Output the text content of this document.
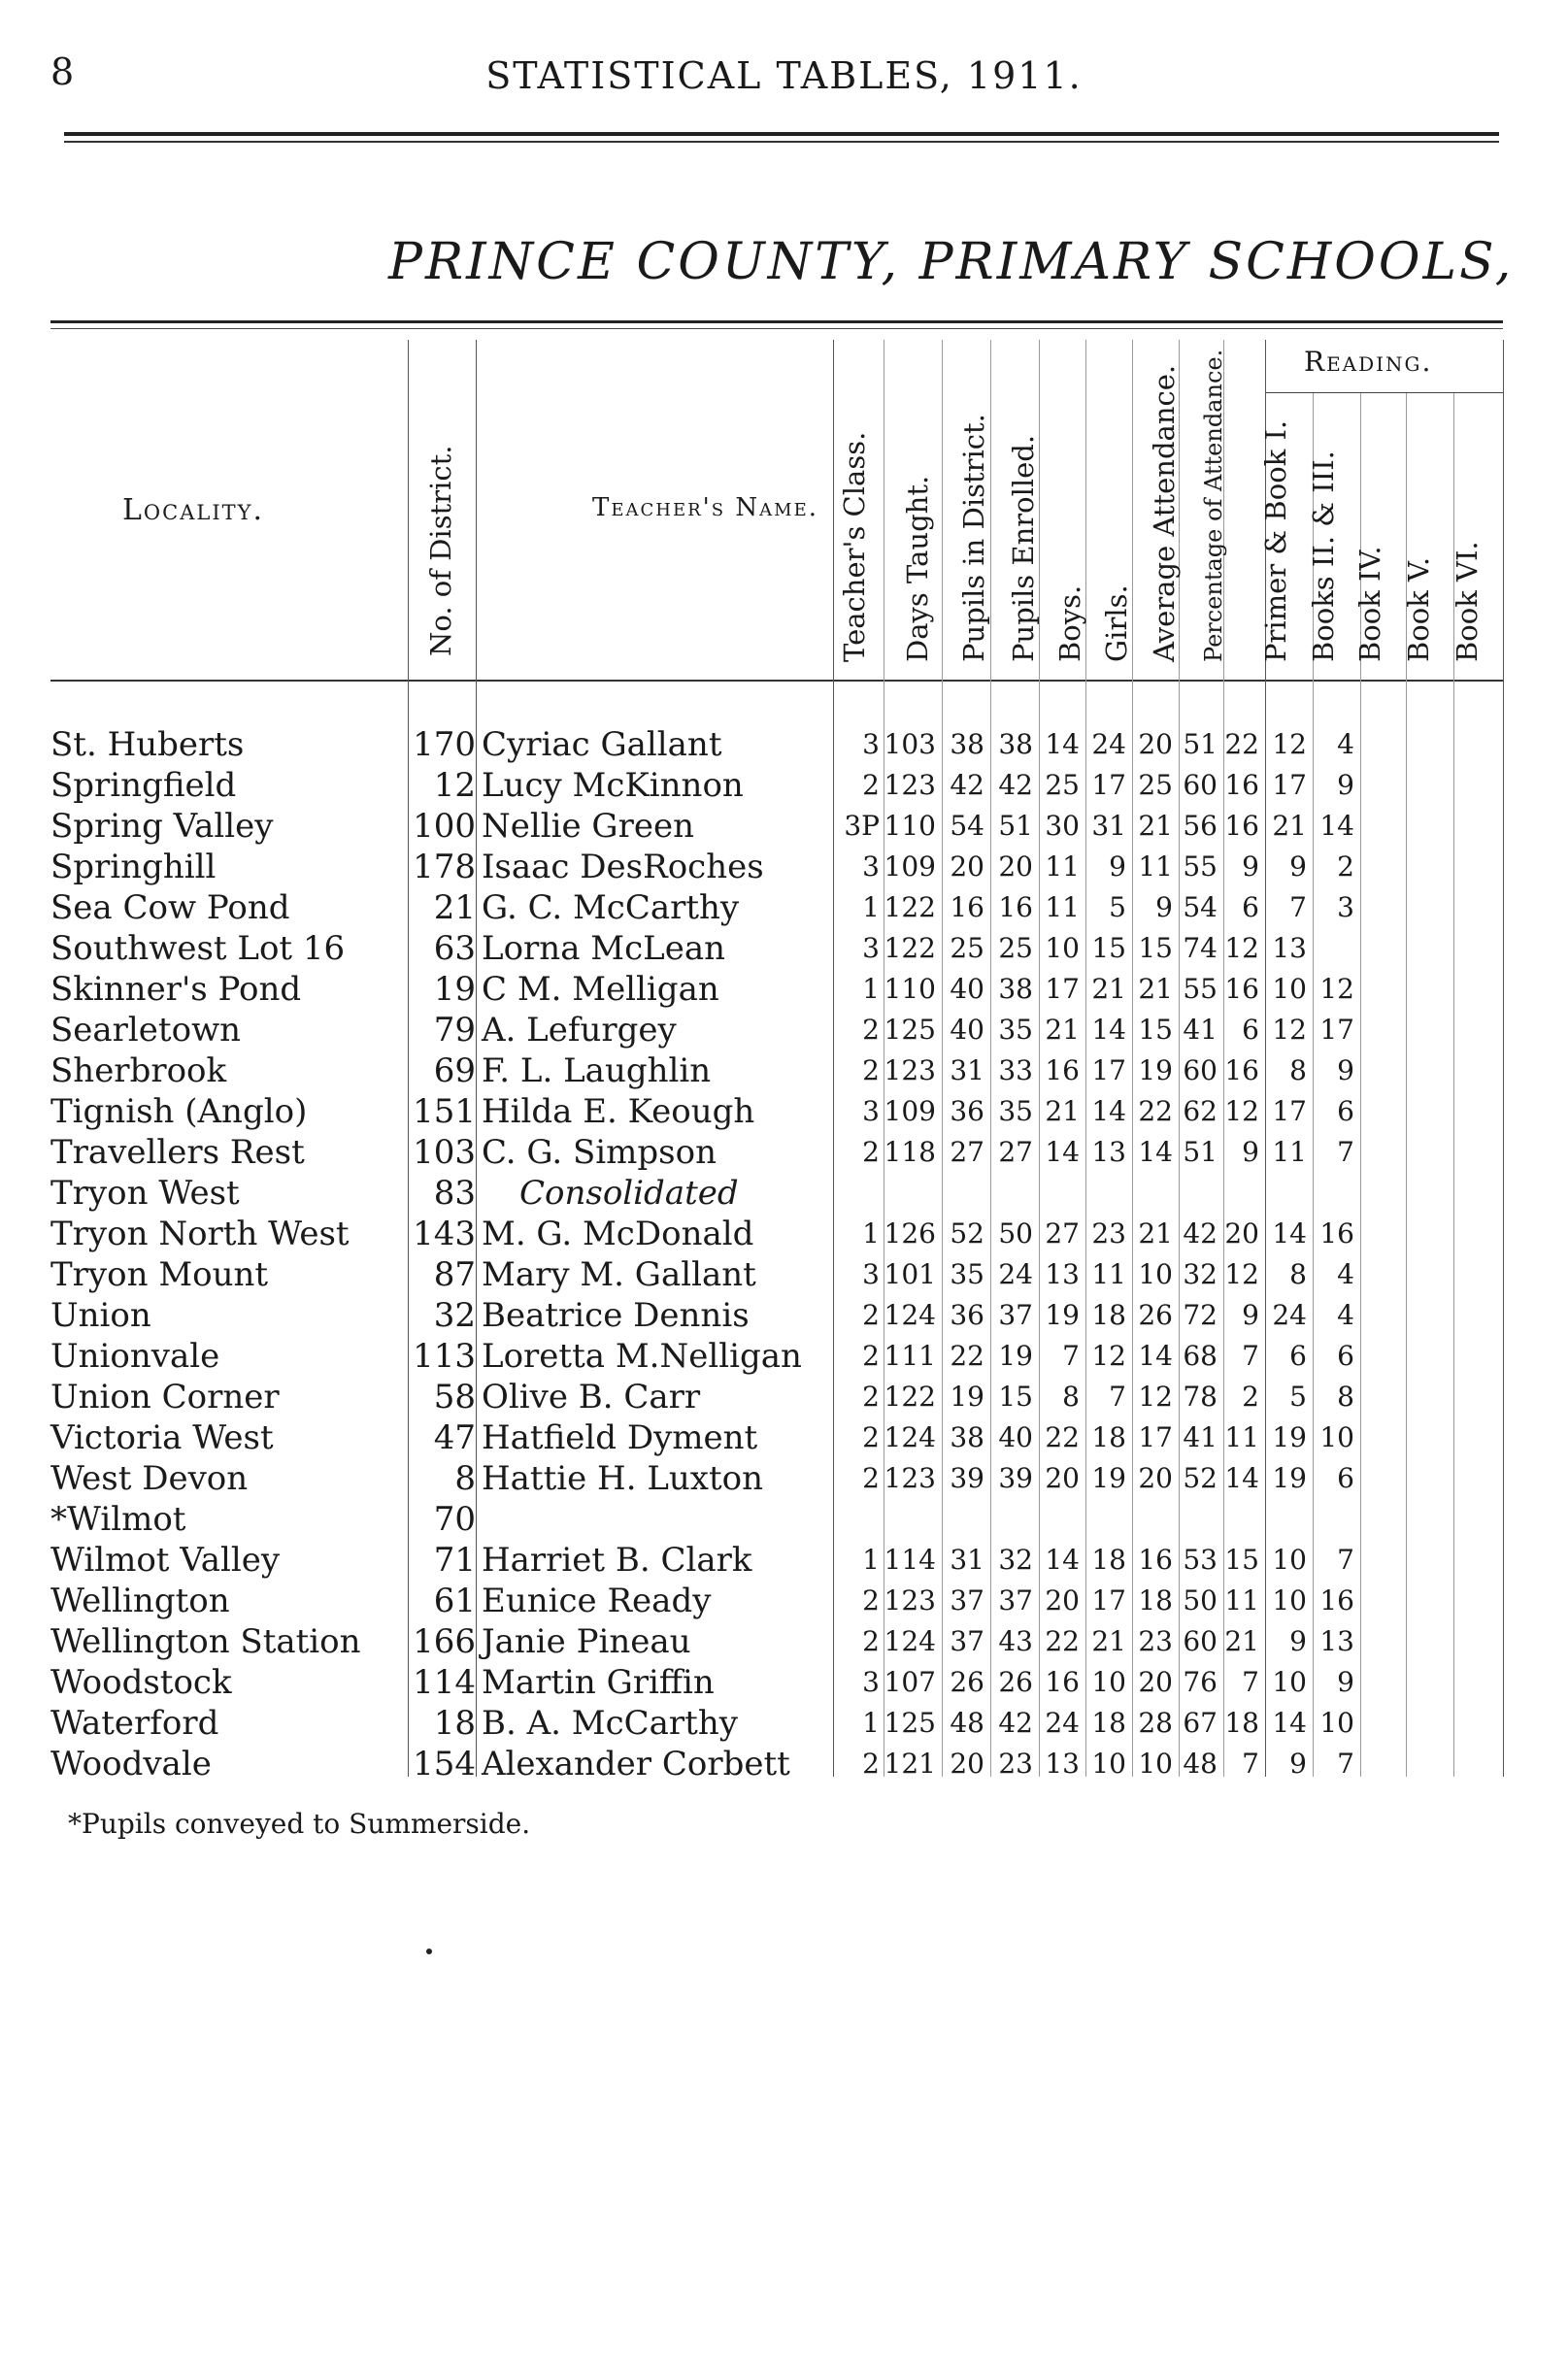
8	STATISTICAL TABLES, 1911.
PRINCE COUNTY, PRIMARY SCHOOLS,
Locality.	No. of District.	Teacher's Name. Teacher's Class. Days Taught. Pupils in District. Pupils Enrolled. Boys. Girls. Average Attendance. Percentage of Attendance.	Reading.
Primer & Book I. Books II. & III. Book IV. Book V. Book VI.
St. Huberts	170 Cyriac Gallant	3 103 38 38 14 24 20 51 22 12 4
Springfield	12 Lucy McKinnon	2 123 42 42 25 17 25 60 16 17 9
Spring Valley	100 Nellie Green	3P 110 54 51 30 31 21 56 16 21 14
Springhill	178 Isaac DesRoches	3 109 20 20 11 9 11 55 9 9 2
Sea Cow Pond	21 G. C. McCarthy	1 122 16 16 11 5 9 54 6 7 3
Southwest Lot 16	63 Lorna McLean	3 122 25 25 10 15 15 74 12 13
Skinner's Pond	19 C M. Melligan	1 110 40 38 17 21 21 55 16 10 12
Searletown	79 A. Lefurgey	2 125 40 35 21 14 15 41 6 12 17
Sherbrook	69 F. L. Laughlin	2 123 31 33 16 17 19 60 16 8 9
Tignish (Anglo)	151 Hilda E. Keough	3 109 36 35 21 14 22 62 12 17 6
Travellers Rest	103 C. G. Simpson	2 118 27 27 14 13 14 51 9 11 7
Tryon West	83 Consolidated
Tryon North West	143 M. G. McDonald	1 126 52 50 27 23 21 42 20 14 16
Tryon Mount	87 Mary M. Gallant	3 101 35 24 13 11 10 32 12 8 4
Union	32 Beatrice Dennis	2 124 36 37 19 18 26 72 9 24 4
Unionvale	113 Loretta M.Nelligan 2 111 22 19 7 12 14 68 7 6 6
Union Corner	58 Olive B. Carr	2 122 19 15 8 7 12 78 2 5 8
Victoria West	47 Hatfield Dyment	2 124 38 40 22 18 17 41 11 19 10
West Devon	8 Hattie H. Luxton	2 123 39 39 20 19 20 52 14 19 6
*Wilmot	70
Wilmot Valley	71 Harriet B. Clark	1 114 31 32 14 18 16 53 15 10 7
Wellington	61 Eunice Ready	2 123 37 37 20 17 18 50 11 10 16
Wellington Station	166 Janie Pineau	2 124 37 43 22 21 23 60 21 9 13
Woodstock	114 Martin Griffin	3 107 26 26 16 10 20 76 7 10 9
Waterford	18 B. A. McCarthy	1 125 48 42 24 18 28 67 18 14 10
Woodvale	154 Alexander Corbett	2 121 20 23 13 10 10 48 7 9 7
*Pupils conveyed to Summerside.
